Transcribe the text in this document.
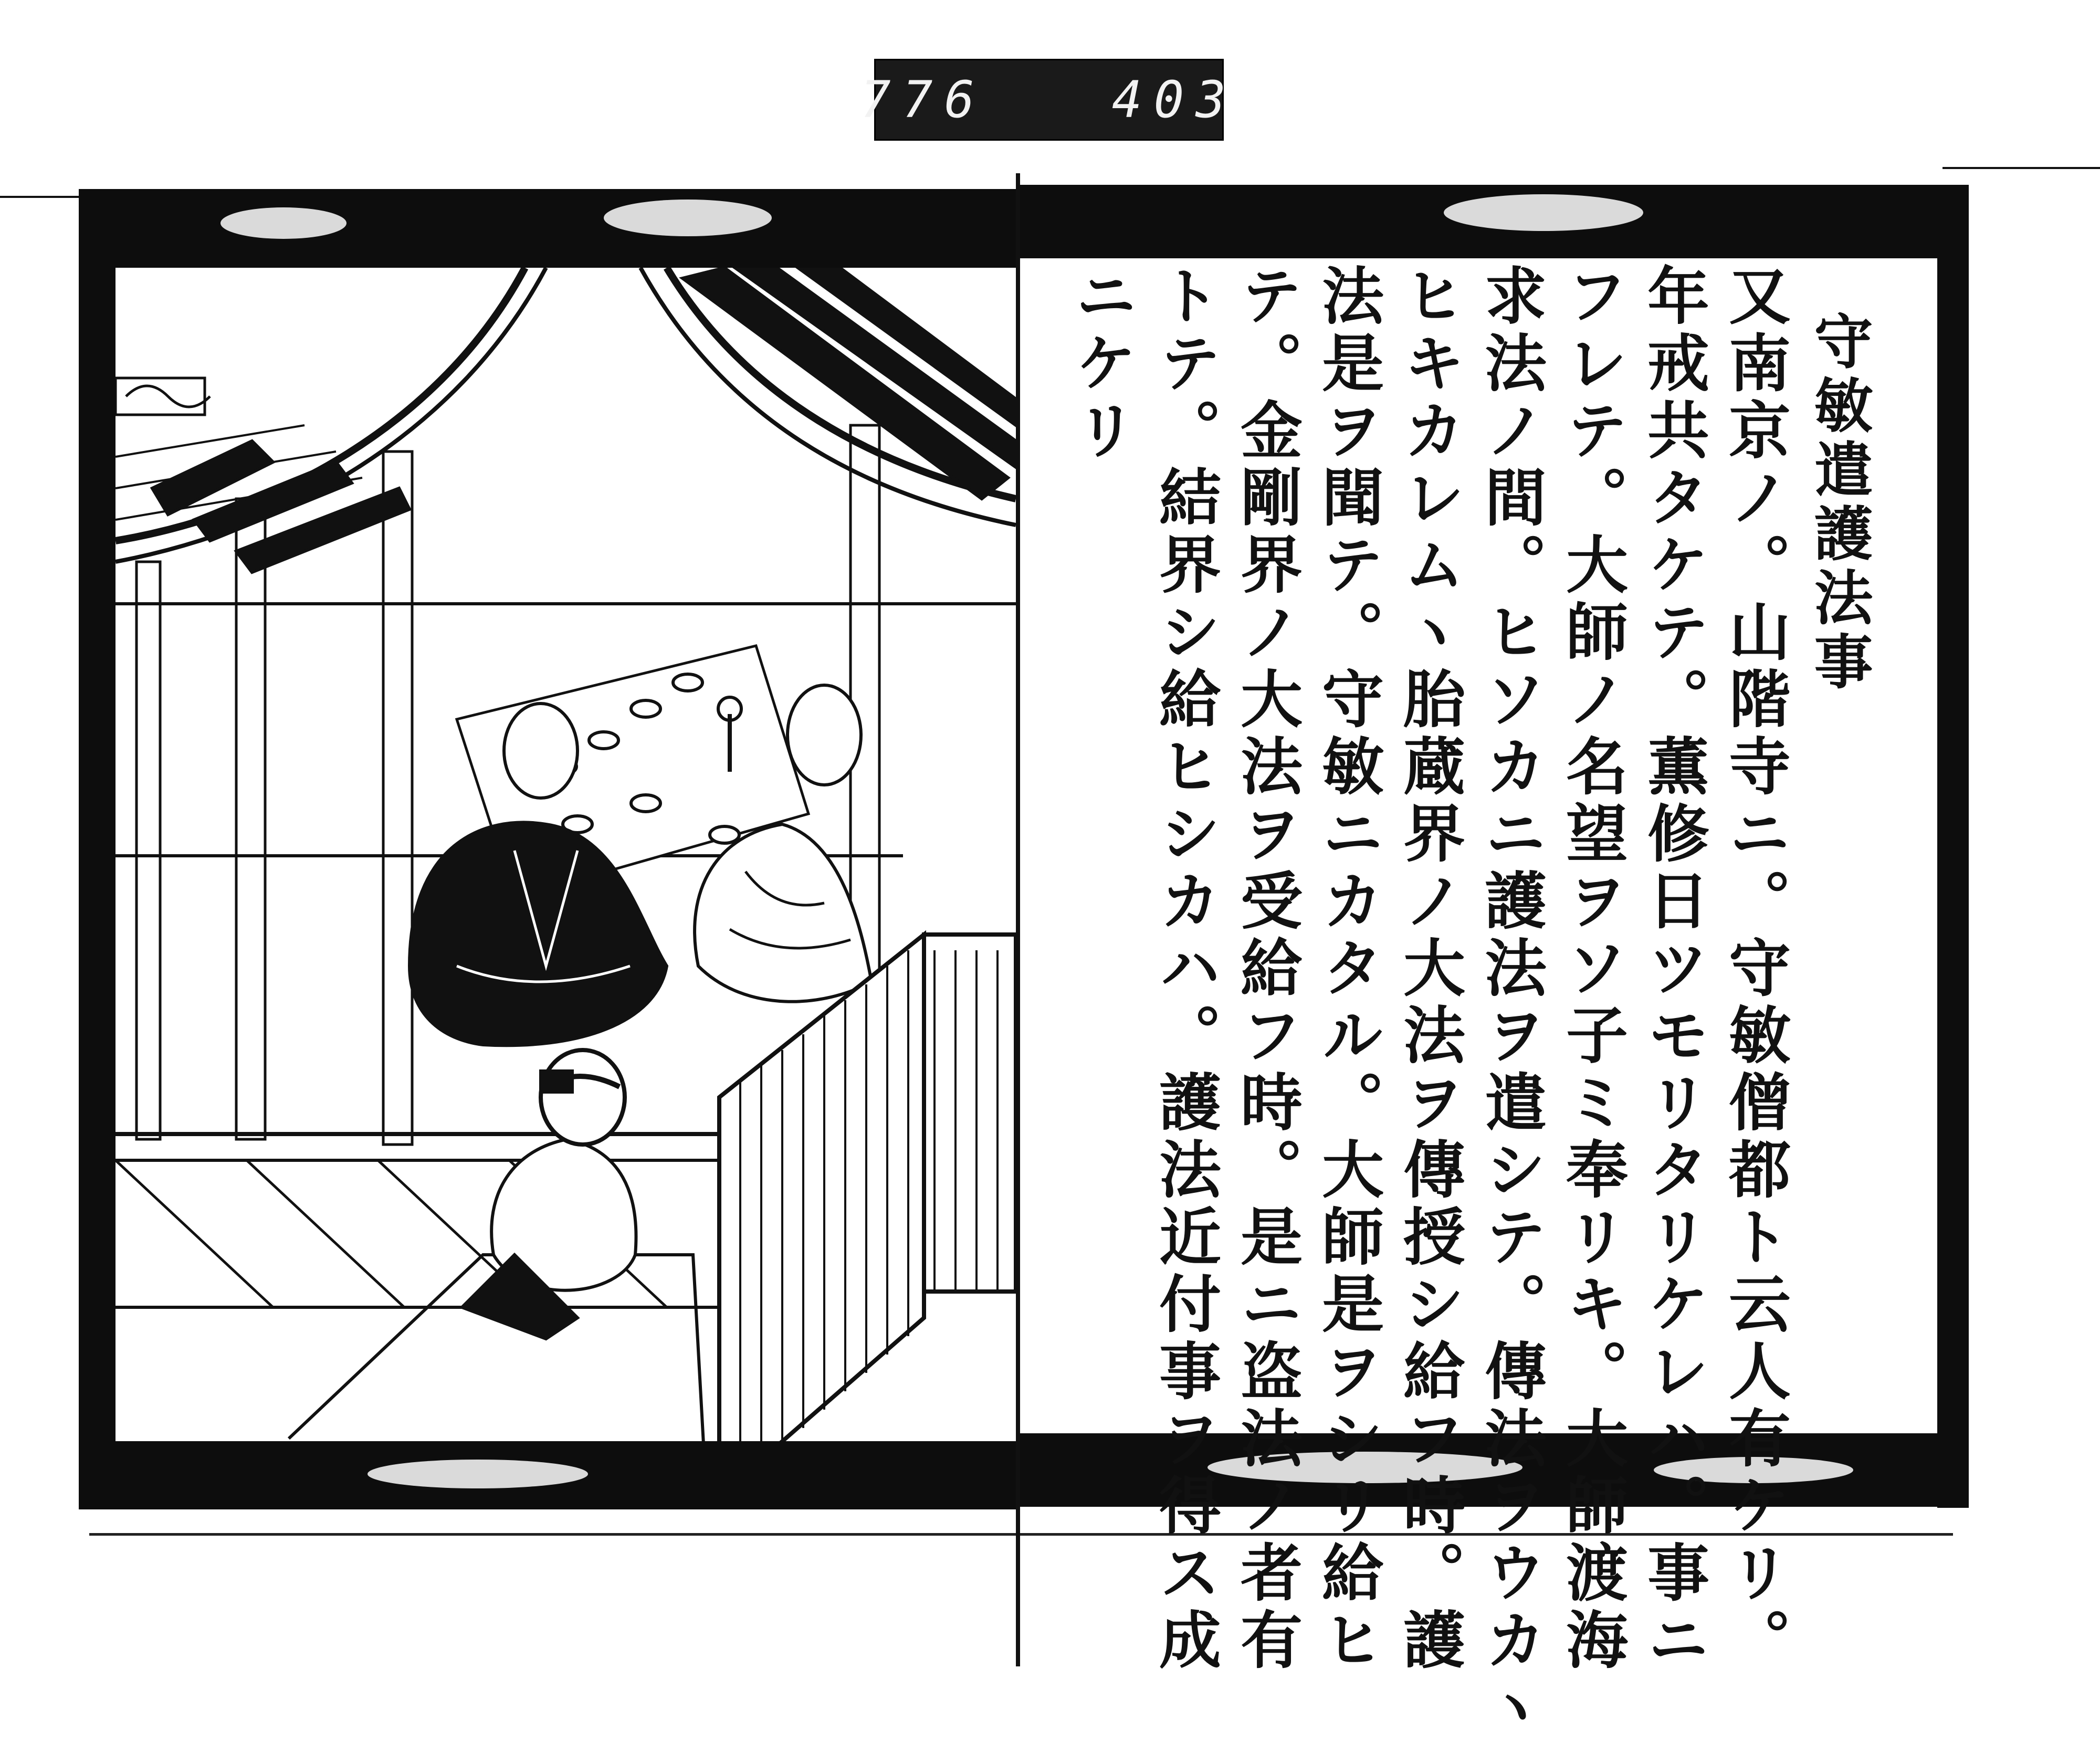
776   403
守敏遣護法事
又南京ノ。山階寺ニ。守敏僧都ト云人有ケリ。
年戒共タケテ。薫修日ツモリタリケレハ。事ニ
フレテ。大師ノ名望ヲソ子ミ奉リキ。大師渡海
求法ノ間。ヒソカニ護法ヲ遣シテ。傳法ヲウカヽ
ヒキカレムヽ胎蔵界ノ大法ヲ傳授シ給フ時。護
法是ヲ聞テ。守敏ニカタル。大師是ヲシリ給ヒ
テ。金剛界ノ大法ヲ受給フ時。是ニ盗法ノ者有
トテ。結界シ給ヒシカハ。護法近付事ヲ得ス成
ニケリ
